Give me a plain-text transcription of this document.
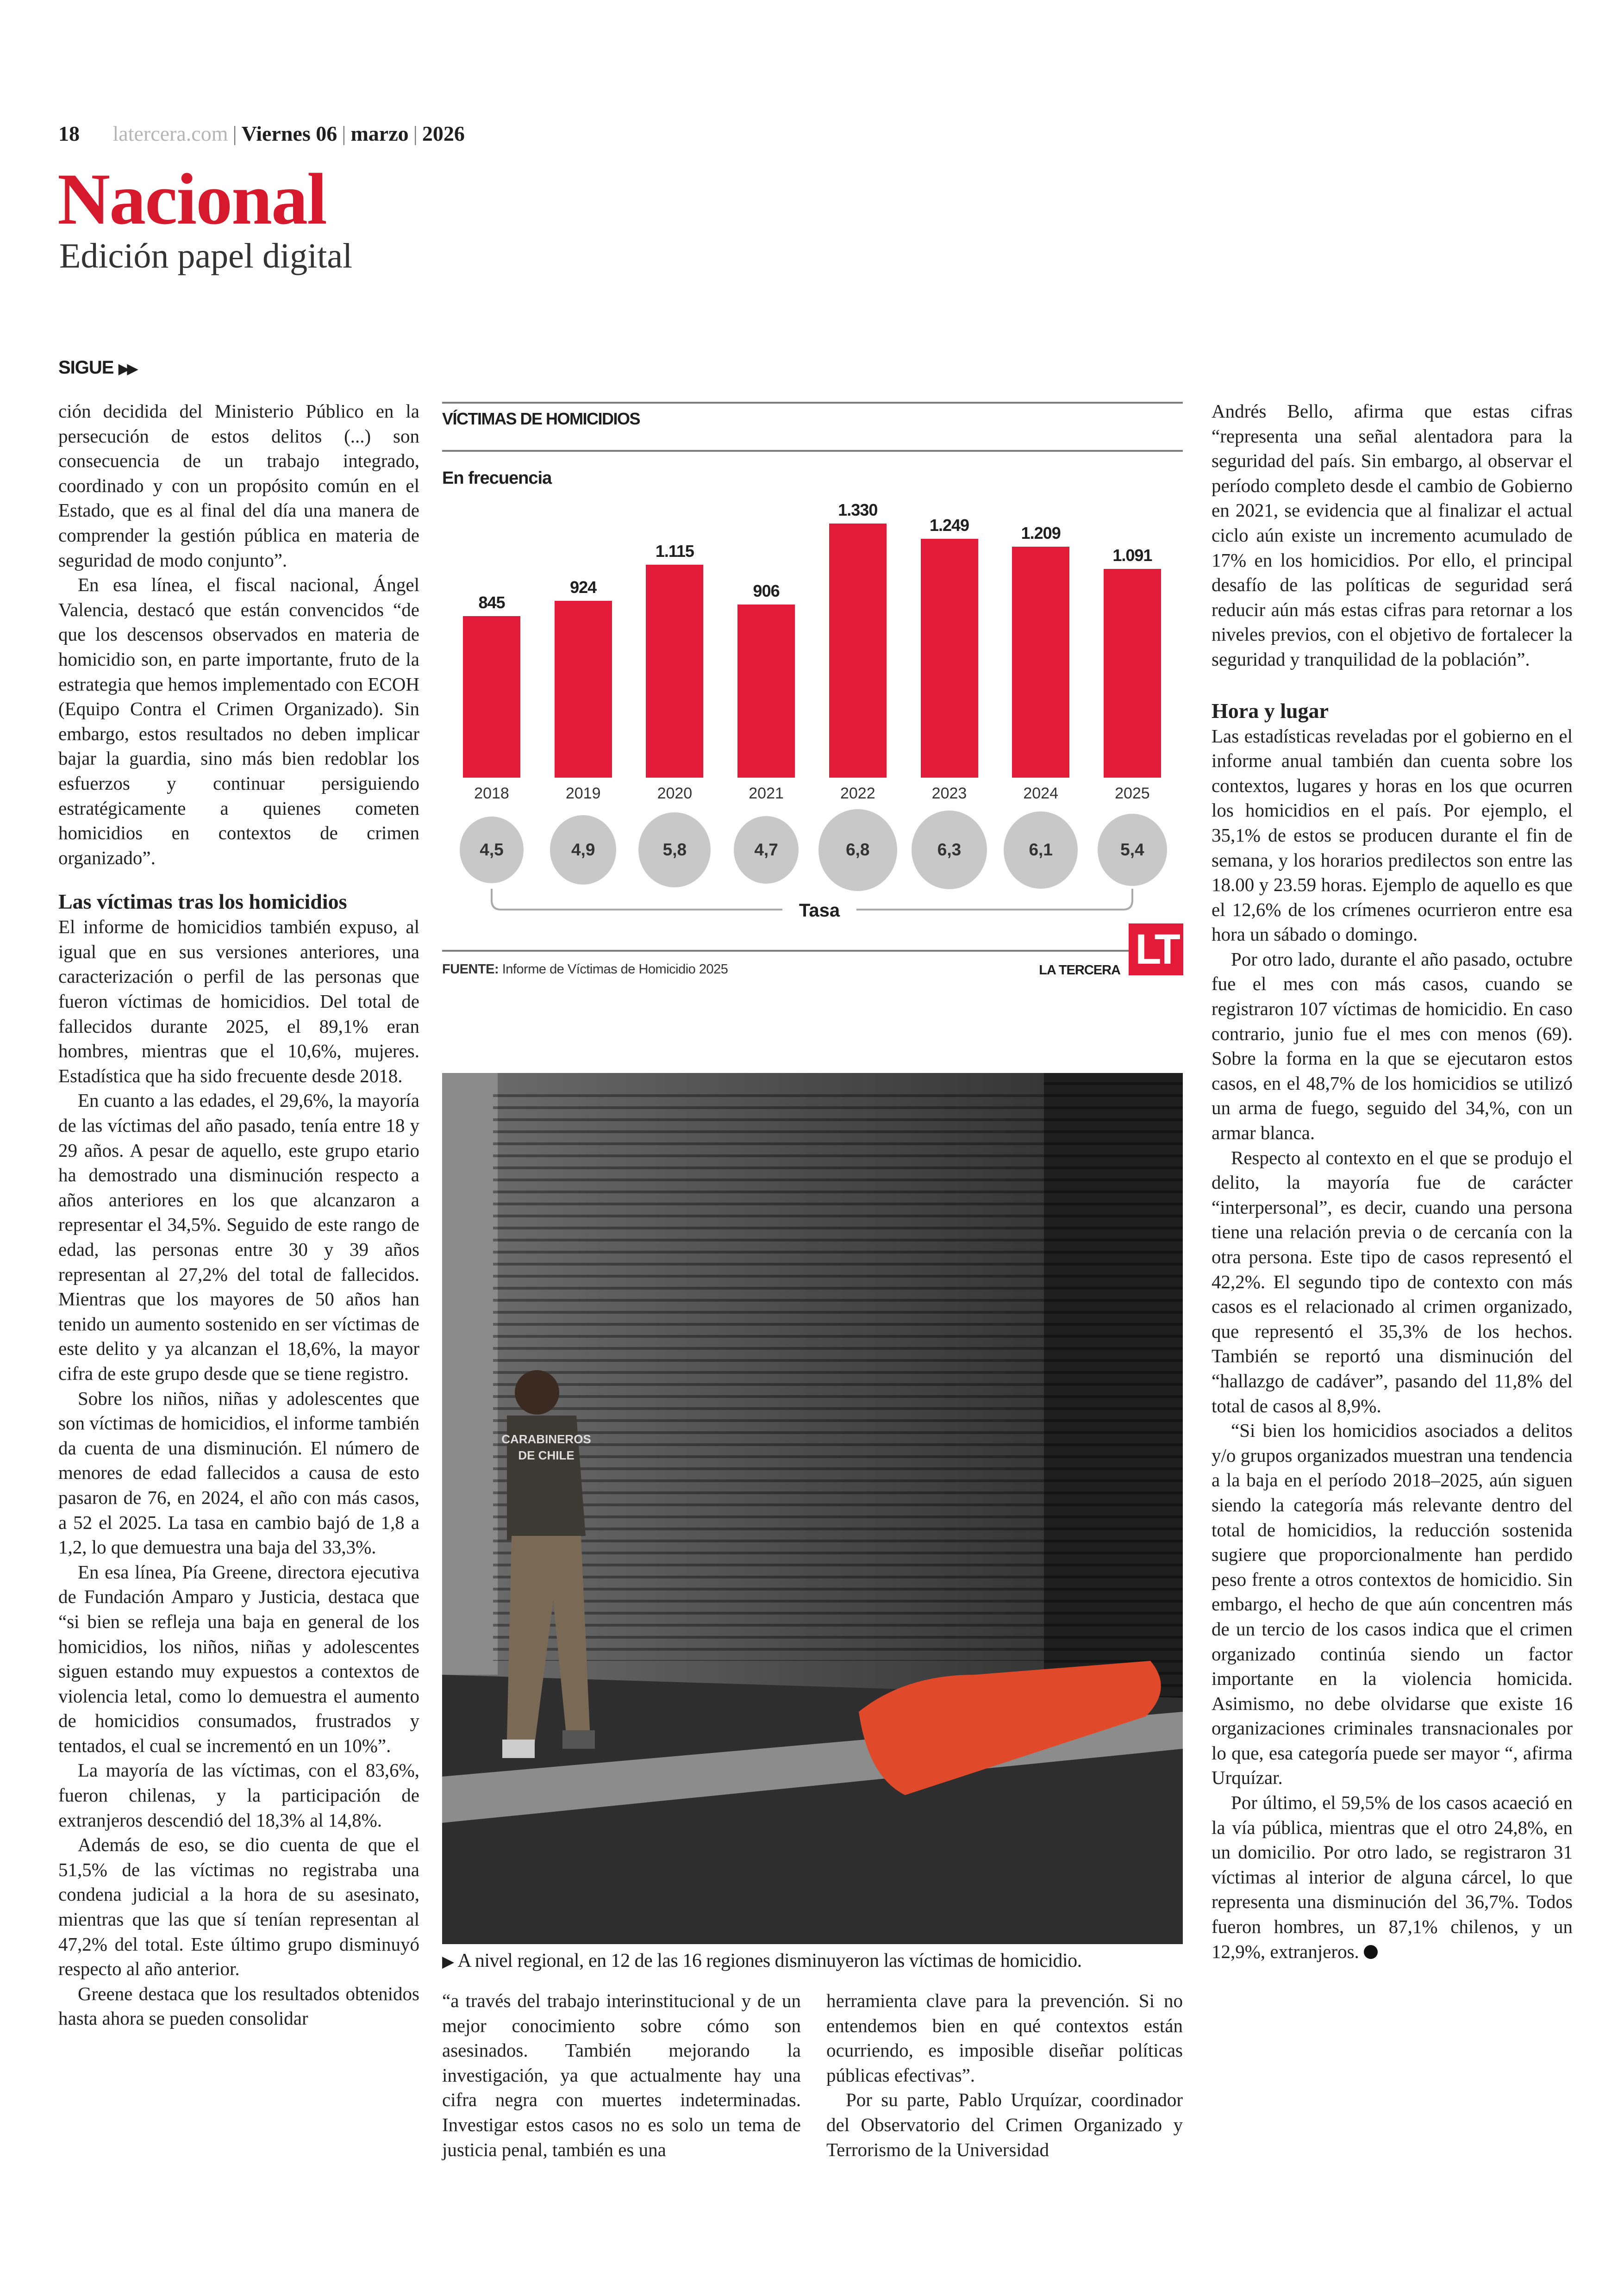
18 latercera.com | Viernes 06 | marzo | 2026
Nacional
Edición papel digital
SIGUE ▶▶

ción decidida del Ministerio Público en la persecución de estos delitos (...) son consecuencia de un trabajo integrado, coordinado y con un propósito común en el Estado, que es al final del día una manera de comprender la gestión pública en materia de seguridad de modo conjunto”.

En esa línea, el fiscal nacional, Ángel Valencia, destacó que están convencidos “de que los descensos observados en materia de homicidio son, en parte importante, fruto de la estrategia que hemos implementado con ECOH (Equipo Contra el Crimen Organizado). Sin embargo, estos resultados no deben implicar bajar la guardia, sino más bien redoblar los esfuerzos y continuar persiguiendo estratégicamente a quienes cometen homicidios en contextos de crimen organizado”.

Las víctimas tras los homicidios

El informe de homicidios también expuso, al igual que en sus versiones anteriores, una caracterización o perfil de las personas que fueron víctimas de homicidios. Del total de fallecidos durante 2025, el 89,1% eran hombres, mientras que el 10,6%, mujeres. Estadística que ha sido frecuente desde 2018.

En cuanto a las edades, el 29,6%, la mayoría de las víctimas del año pasado, tenía entre 18 y 29 años. A pesar de aquello, este grupo etario ha demostrado una disminución respecto a años anteriores en los que alcanzaron a representar el 34,5%. Seguido de este rango de edad, las personas entre 30 y 39 años representan al 27,2% del total de fallecidos. Mientras que los mayores de 50 años han tenido un aumento sostenido en ser víctimas de este delito y ya alcanzan el 18,6%, la mayor cifra de este grupo desde que se tiene registro.

Sobre los niños, niñas y adolescentes que son víctimas de homicidios, el informe también da cuenta de una disminución. El número de menores de edad fallecidos a causa de esto pasaron de 76, en 2024, el año con más casos, a 52 el 2025. La tasa en cambio bajó de 1,8 a 1,2, lo que demuestra una baja del 33,3%.

En esa línea, Pía Greene, directora ejecutiva de Fundación Amparo y Justicia, destaca que “si bien se refleja una baja en general de los homicidios, los niños, niñas y adolescentes siguen estando muy expuestos a contextos de violencia letal, como lo demuestra el aumento de homicidios consumados, frustrados y tentados, el cual se incrementó en un 10%”.

La mayoría de las víctimas, con el 83,6%, fueron chilenas, y la participación de extranjeros descendió del 18,3% al 14,8%.

Además de eso, se dio cuenta de que el 51,5% de las víctimas no registraba una condena judicial a la hora de su asesinato, mientras que las que sí tenían representan al 47,2% del total. Este último grupo disminuyó respecto al año anterior.

Greene destaca que los resultados obtenidos hasta ahora se pueden consolidar

VÍCTIMAS DE HOMICIDIOS
En frecuencia
845
2018
4,5
924
2019
4,9
1.115
2020
5,8
906
2021
4,7
1.330
2022
6,8
1.249
2023
6,3
1.209
2024
6,1
1.091
2025
5,4
Tasa
FUENTE: Informe de Víctimas de Homicidio 2025	LA TERCERA LT
CARABINEROS
DE CHILE
▶ A nivel regional, en 12 de las 16 regiones disminuyeron las víctimas de homicidio.

“a través del trabajo interinstitucional y de un mejor conocimiento sobre cómo son asesinados. También mejorando la investigación, ya que actualmente hay una cifra negra con muertes indeterminadas. Investigar estos casos no es solo un tema de justicia penal, también es una

herramienta clave para la prevención. Si no entendemos bien en qué contextos están ocurriendo, es imposible diseñar políticas públicas efectivas”.

Por su parte, Pablo Urquízar, coordinador del Observatorio del Crimen Organizado y Terrorismo de la Universidad

Andrés Bello, afirma que estas cifras “representa una señal alentadora para la seguridad del país. Sin embargo, al observar el período completo desde el cambio de Gobierno en 2021, se evidencia que al finalizar el actual ciclo aún existe un incremento acumulado de 17% en los homicidios. Por ello, el principal desafío de las políticas de seguridad será reducir aún más estas cifras para retornar a los niveles previos, con el objetivo de fortalecer la seguridad y tranquilidad de la población”.

Hora y lugar

Las estadísticas reveladas por el gobierno en el informe anual también dan cuenta sobre los contextos, lugares y horas en los que ocurren los homicidios en el país. Por ejemplo, el 35,1% de estos se producen durante el fin de semana, y los horarios predilectos son entre las 18.00 y 23.59 horas. Ejemplo de aquello es que el 12,6% de los crímenes ocurrieron entre esa hora un sábado o domingo.

Por otro lado, durante el año pasado, octubre fue el mes con más casos, cuando se registraron 107 víctimas de homicidio. En caso contrario, junio fue el mes con menos (69). Sobre la forma en la que se ejecutaron estos casos, en el 48,7% de los homicidios se utilizó un arma de fuego, seguido del 34,%, con un armar blanca.

Respecto al contexto en el que se produjo el delito, la mayoría fue de carácter “interpersonal”, es decir, cuando una persona tiene una relación previa o de cercanía con la otra persona. Este tipo de casos representó el 42,2%. El segundo tipo de contexto con más casos es el relacionado al crimen organizado, que representó el 35,3% de los hechos. También se reportó una disminución del “hallazgo de cadáver”, pasando del 11,8% del total de casos al 8,9%.

“Si bien los homicidios asociados a delitos y/o grupos organizados muestran una tendencia a la baja en el período 2018–2025, aún siguen siendo la categoría más relevante dentro del total de homicidios, la reducción sostenida sugiere que proporcionalmente han perdido peso frente a otros contextos de homicidio. Sin embargo, el hecho de que aún concentren más de un tercio de los casos indica que el crimen organizado continúa siendo un factor importante en la violencia homicida. Asimismo, no debe olvidarse que existe 16 organizaciones criminales transnacionales por lo que, esa categoría puede ser mayor “, afirma Urquízar.

Por último, el 59,5% de los casos acaeció en la vía pública, mientras que el otro 24,8%, en un domicilio. Por otro lado, se registraron 31 víctimas al interior de alguna cárcel, lo que representa una disminución del 36,7%. Todos fueron hombres, un 87,1% chilenos, y un 12,9%, extranjeros.
